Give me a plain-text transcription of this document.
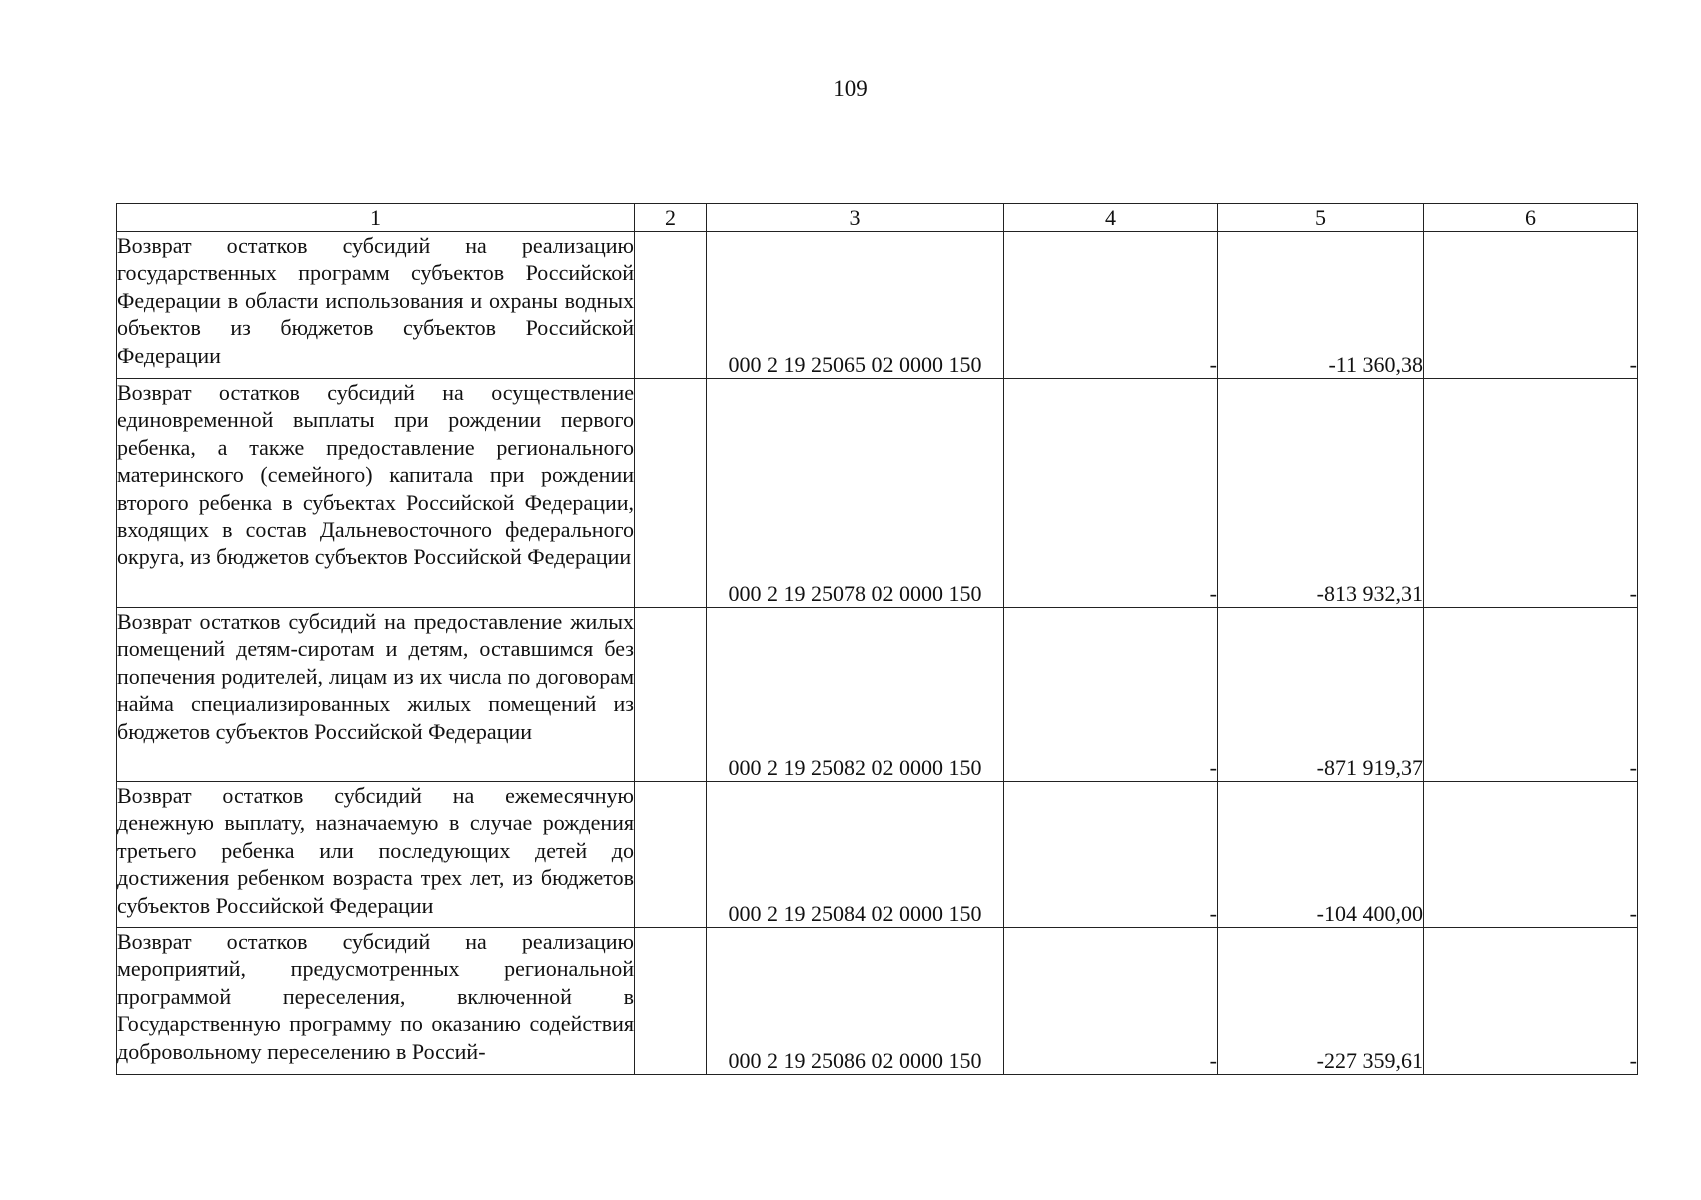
109
1	2	3	4	5	6
Возврат остатков субсидий на реализацию государственных программ субъектов Российской Федерации в области использования и охраны водных объектов из бюджетов субъектов Российской Федерации		000 2 19 25065 02 0000 150	-	-11 360,38	-
Возврат остатков субсидий на осуществление единовременной выплаты при рождении первого ребенка, а также предоставление регионального материнского (семейного) капитала при рождении второго ребенка в субъектах Российской Федерации, входящих в состав Дальневосточного федерального округа, из бюджетов субъектов Российской Федерации		000 2 19 25078 02 0000 150	-	-813 932,31	-
Возврат остатков субсидий на предоставление жилых помещений детям-сиротам и детям, оставшимся без попечения родителей, лицам из их числа по договорам найма специализированных жилых помещений из бюджетов субъектов Российской Федерации		000 2 19 25082 02 0000 150	-	-871 919,37	-
Возврат остатков субсидий на ежемесячную денежную выплату, назначаемую в случае рождения третьего ребенка или последующих детей до достижения ребенком возраста трех лет, из бюджетов субъектов Российской Федерации		000 2 19 25084 02 0000 150	-	-104 400,00	-
Возврат остатков субсидий на реализацию мероприятий, предусмотренных региональной программой переселения, включенной в Государственную программу по оказанию содействия добровольному переселению в Россий-		000 2 19 25086 02 0000 150	-	-227 359,61	-
